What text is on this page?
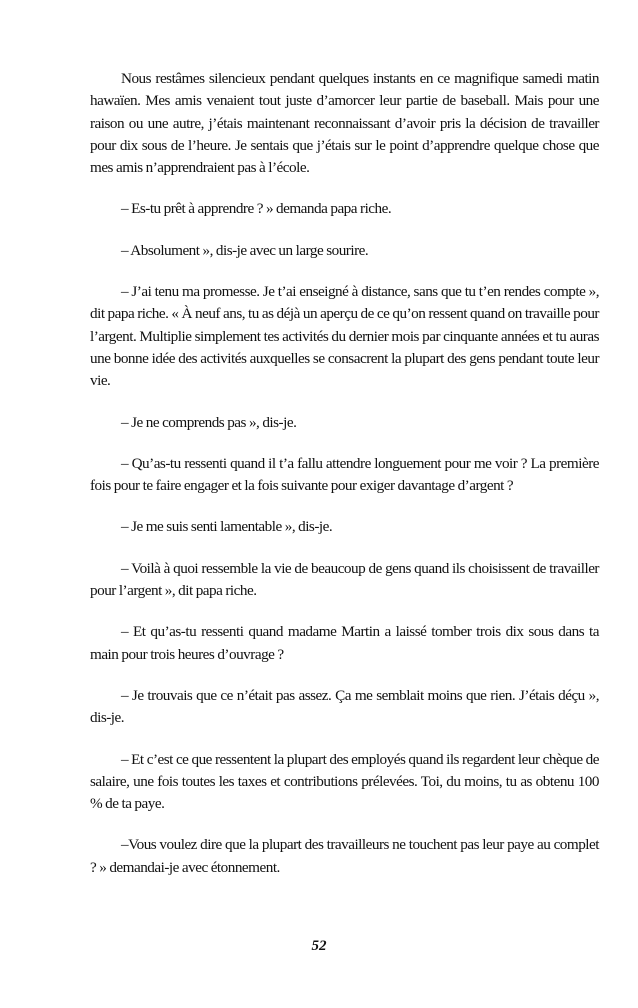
Nous restâmes silencieux pendant quelques instants en ce magnifique samedi matin hawaïen. Mes amis venaient tout juste d’amorcer leur partie de baseball. Mais pour une raison ou une autre, j’étais maintenant reconnaissant d’avoir pris la décision de travailler pour dix sous de l’heure. Je sentais que j’étais sur le point d’apprendre quelque chose que mes amis n’apprendraient pas à l’école.

– Es-tu prêt à apprendre ? » demanda papa riche.

– Absolument », dis-je avec un large sourire.

– J’ai tenu ma promesse. Je t’ai enseigné à distance, sans que tu t’en rendes compte », dit papa riche. « À neuf ans, tu as déjà un aperçu de ce qu’on ressent quand on travaille pour l’argent. Multiplie simplement tes activités du dernier mois par cinquante années et tu auras une bonne idée des activités auxquelles se consacrent la plupart des gens pendant toute leur vie.

– Je ne comprends pas », dis-je.

– Qu’as-tu ressenti quand il t’a fallu attendre longuement pour me voir ? La première fois pour te faire engager et la fois suivante pour exiger davantage d’argent ?

– Je me suis senti lamentable », dis-je.

– Voilà à quoi ressemble la vie de beaucoup de gens quand ils choisissent de travailler pour l’argent », dit papa riche.

– Et qu’as-tu ressenti quand madame Martin a laissé tomber trois dix sous dans ta main pour trois heures d’ouvrage ?

– Je trouvais que ce n’était pas assez. Ça me semblait moins que rien. J’étais déçu », dis-je.

– Et c’est ce que ressentent la plupart des employés quand ils regardent leur chèque de salaire, une fois toutes les taxes et contributions prélevées. Toi, du moins, tu as obtenu 100 % de ta paye.

–Vous voulez dire que la plupart des travailleurs ne touchent pas leur paye au complet ? » demandai-je avec étonnement.

52
